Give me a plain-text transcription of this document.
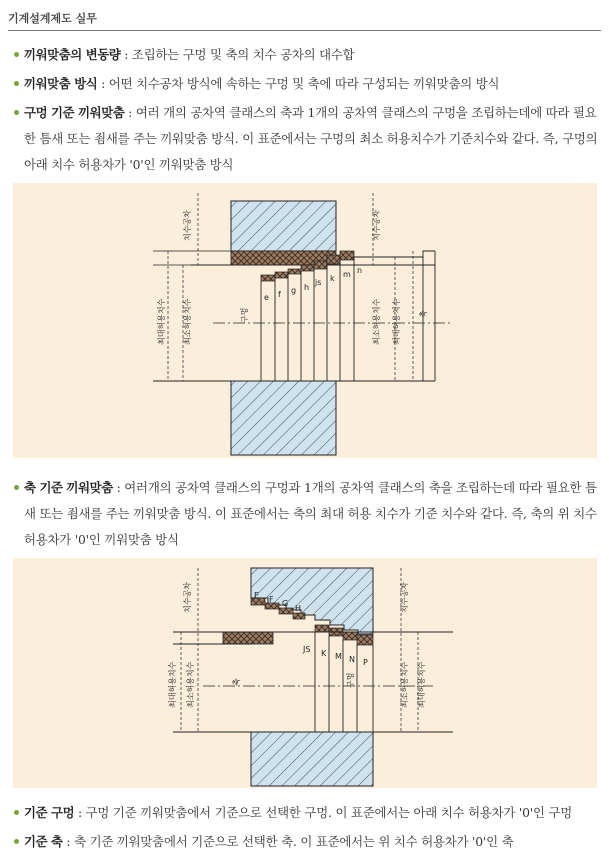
기계설계제도 실무
끼워맞춤의 변동량 : 조립하는 구멍 및 축의 치수 공차의 대수합
끼워맞춤 방식 : 어떤 치수공차 방식에 속하는 구멍 및 축에 따라 구성되는 끼워맞춤의 방식
구멍 기준 끼워맞춤 : 여러 개의 공차역 클래스의 축과 1개의 공차역 클래스의 구멍을 조립하는데에 따라 필요한 틈새 또는 죔새를 주는 끼워맞춤 방식. 이 표준에서는 구멍의 최소 허용치수가 기준치수와 같다. 즉, 구멍의 아래 치수 허용차가 '0'인 끼워맞춤 방식
e f g h
js k m n
치수공차	치수공차
최대허용치수 최소허용치수	최소허용치수 최대허용치수
구멍	축
축 기준 끼워맞춤 : 여러개의 공차역 클래스의 구멍과 1개의 공차역 클래스의 축을 조립하는데 따라 필요한 틈새 또는 죔새를 주는 끼워맞춤 방식. 이 표준에서는 축의 최대 허용 치수가 기준 치수와 같다. 즉, 축의 위 치수 허용차가 '0'인 끼워맞춤 방식
E F G
H
JS K M N P
치수공차	치수공차
최대허용치수 최소허용치수	최소허용치수 최대허용치수
축	구멍
기준 구멍 : 구멍 기준 끼워맞춤에서 기준으로 선택한 구멍. 이 표준에서는 아래 치수 허용차가 '0'인 구멍
기준 축 : 축 기준 끼워맞춤에서 기준으로 선택한 축. 이 표준에서는 위 치수 허용차가 '0'인 축
